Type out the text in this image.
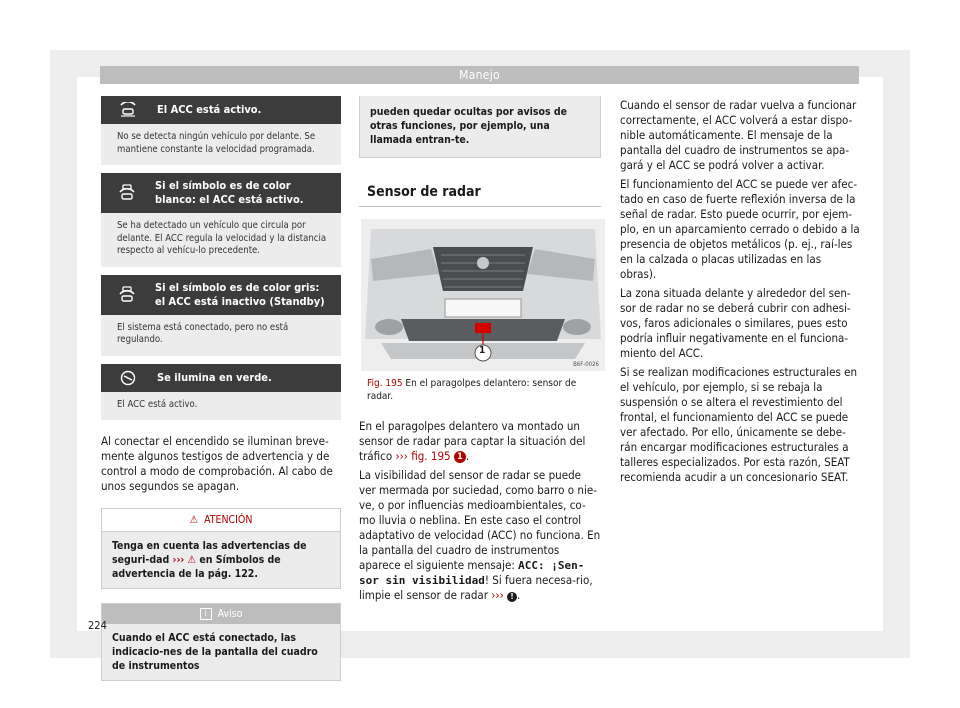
Manejo
El ACC está activo.
No se detecta ningún vehículo por delante. Se mantiene constante la velocidad programada.
Si el símbolo es de color blanco: el ACC está activo.
Se ha detectado un vehículo que circula por delante. El ACC regula la velocidad y la distancia respecto al vehícu-lo precedente.
Si el símbolo es de color gris: el ACC está inactivo (Standby)
El sistema está conectado, pero no está regulando.
Se ilumina en verde.
El ACC está activo.

Al conectar el encendido se iluminan breve-mente algunos testigos de advertencia y de control a modo de comprobación. Al cabo de unos segundos se apagan.

⚠ ATENCIÓN
Tenga en cuenta las advertencias de seguri-dad ››› ⚠ en Símbolos de advertencia de la pág. 122.
i	Aviso
Cuando el ACC está conectado, las indicacio-nes de la pantalla del cuadro de instrumentos
pueden quedar ocultas por avisos de otras funciones, por ejemplo, una llamada entran-te.

Sensor de radar

1
B6F-0026
Fig. 195 En el paragolpes delantero: sensor de radar.

En el paragolpes delantero va montado un sensor de radar para captar la situación del tráfico ››› fig. 195 1 .

La visibilidad del sensor de radar se puede ver mermada por suciedad, como barro o nie-ve, o por influencias medioambientales, co-mo lluvia o neblina. En este caso el control adaptativo de velocidad (ACC) no funciona. En la pantalla del cuadro de instrumentos aparece el siguiente mensaje: ACC: ¡Sen-sor sin visibilidad! Si fuera necesa-rio, limpie el sensor de radar ››› ! .

Cuando el sensor de radar vuelva a funcionar correctamente, el ACC volverá a estar dispo-nible automáticamente. El mensaje de la pantalla del cuadro de instrumentos se apa-gará y el ACC se podrá volver a activar.

El funcionamiento del ACC se puede ver afec-tado en caso de fuerte reflexión inversa de la señal de radar. Esto puede ocurrir, por ejem-plo, en un aparcamiento cerrado o debido a la presencia de objetos metálicos (p. ej., raí-les en la calzada o placas utilizadas en las obras).

La zona situada delante y alrededor del sen-sor de radar no se deberá cubrir con adhesi-vos, faros adicionales o similares, pues esto podría influir negativamente en el funciona-miento del ACC.

Si se realizan modificaciones estructurales en el vehículo, por ejemplo, si se rebaja la suspensión o se altera el revestimiento del frontal, el funcionamiento del ACC se puede ver afectado. Por ello, únicamente se debe-rán encargar modificaciones estructurales a talleres especializados. Por esta razón, SEAT recomienda acudir a un concesionario SEAT.

224
